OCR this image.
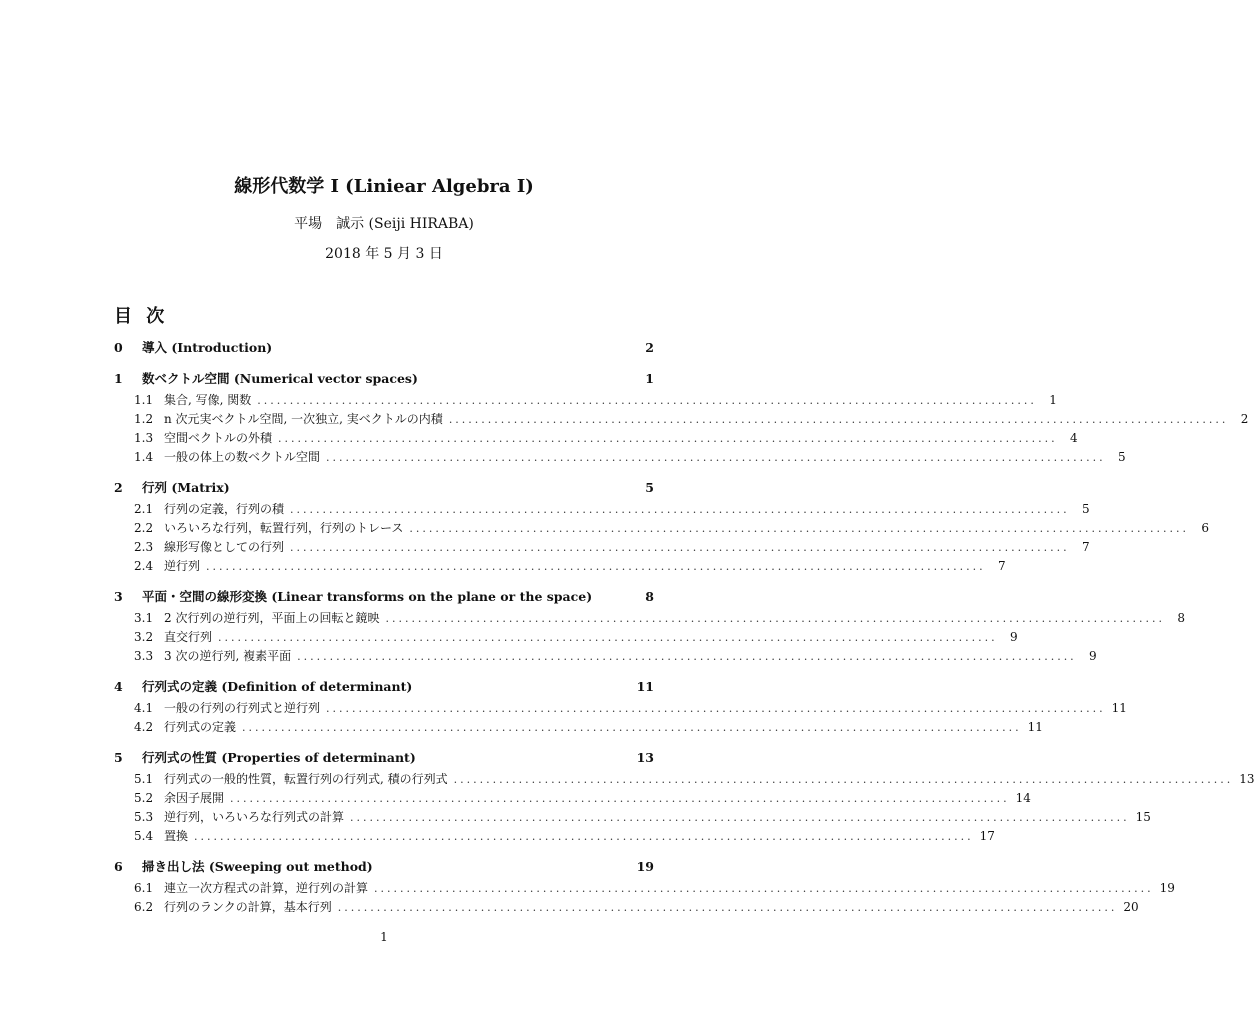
線形代数学 I (Liniear Algebra I)
平場　誠示 (Seiji HIRABA)
2018 年 5 月 3 日
目 次
0	導入 (Introduction)	2
1	数ベクトル空間 (Numerical vector spaces)	1
1.1 集合, 写像, 関数 ........................................................................................................................	1
1.2 n 次元実ベクトル空間, 一次独立, 実ベクトルの内積 ........................................................................................................................	2
1.3 空間ベクトルの外積 ........................................................................................................................	4
1.4 一般の体上の数ベクトル空間 ........................................................................................................................	5
2	行列 (Matrix)	5
2.1 行列の定義，行列の積 ........................................................................................................................	5
2.2 いろいろな行列，転置行列，行列のトレース ........................................................................................................................	6
2.3 線形写像としての行列 ........................................................................................................................	7
2.4 逆行列 ........................................................................................................................	7
3	平面・空間の線形変換 (Linear transforms on the plane or the space)	8
3.1 2 次行列の逆行列，平面上の回転と鏡映 ........................................................................................................................	8
3.2 直交行列 ........................................................................................................................	9
3.3 3 次の逆行列, 複素平面 ........................................................................................................................	9
4	行列式の定義 (Definition of determinant)	11
4.1 一般の行列の行列式と逆行列 ........................................................................................................................ 11
4.2 行列式の定義 ........................................................................................................................ 11
5	行列式の性質 (Properties of determinant)	13
5.1 行列式の一般的性質，転置行列の行列式, 積の行列式 ........................................................................................................................ 13
5.2 余因子展開 ........................................................................................................................ 14
5.3 逆行列，いろいろな行列式の計算 ........................................................................................................................ 15
5.4 置換 ........................................................................................................................ 17
6	掃き出し法 (Sweeping out method)	19
6.1 連立一次方程式の計算，逆行列の計算 ........................................................................................................................ 19
6.2 行列のランクの計算，基本行列 ........................................................................................................................ 20
1
